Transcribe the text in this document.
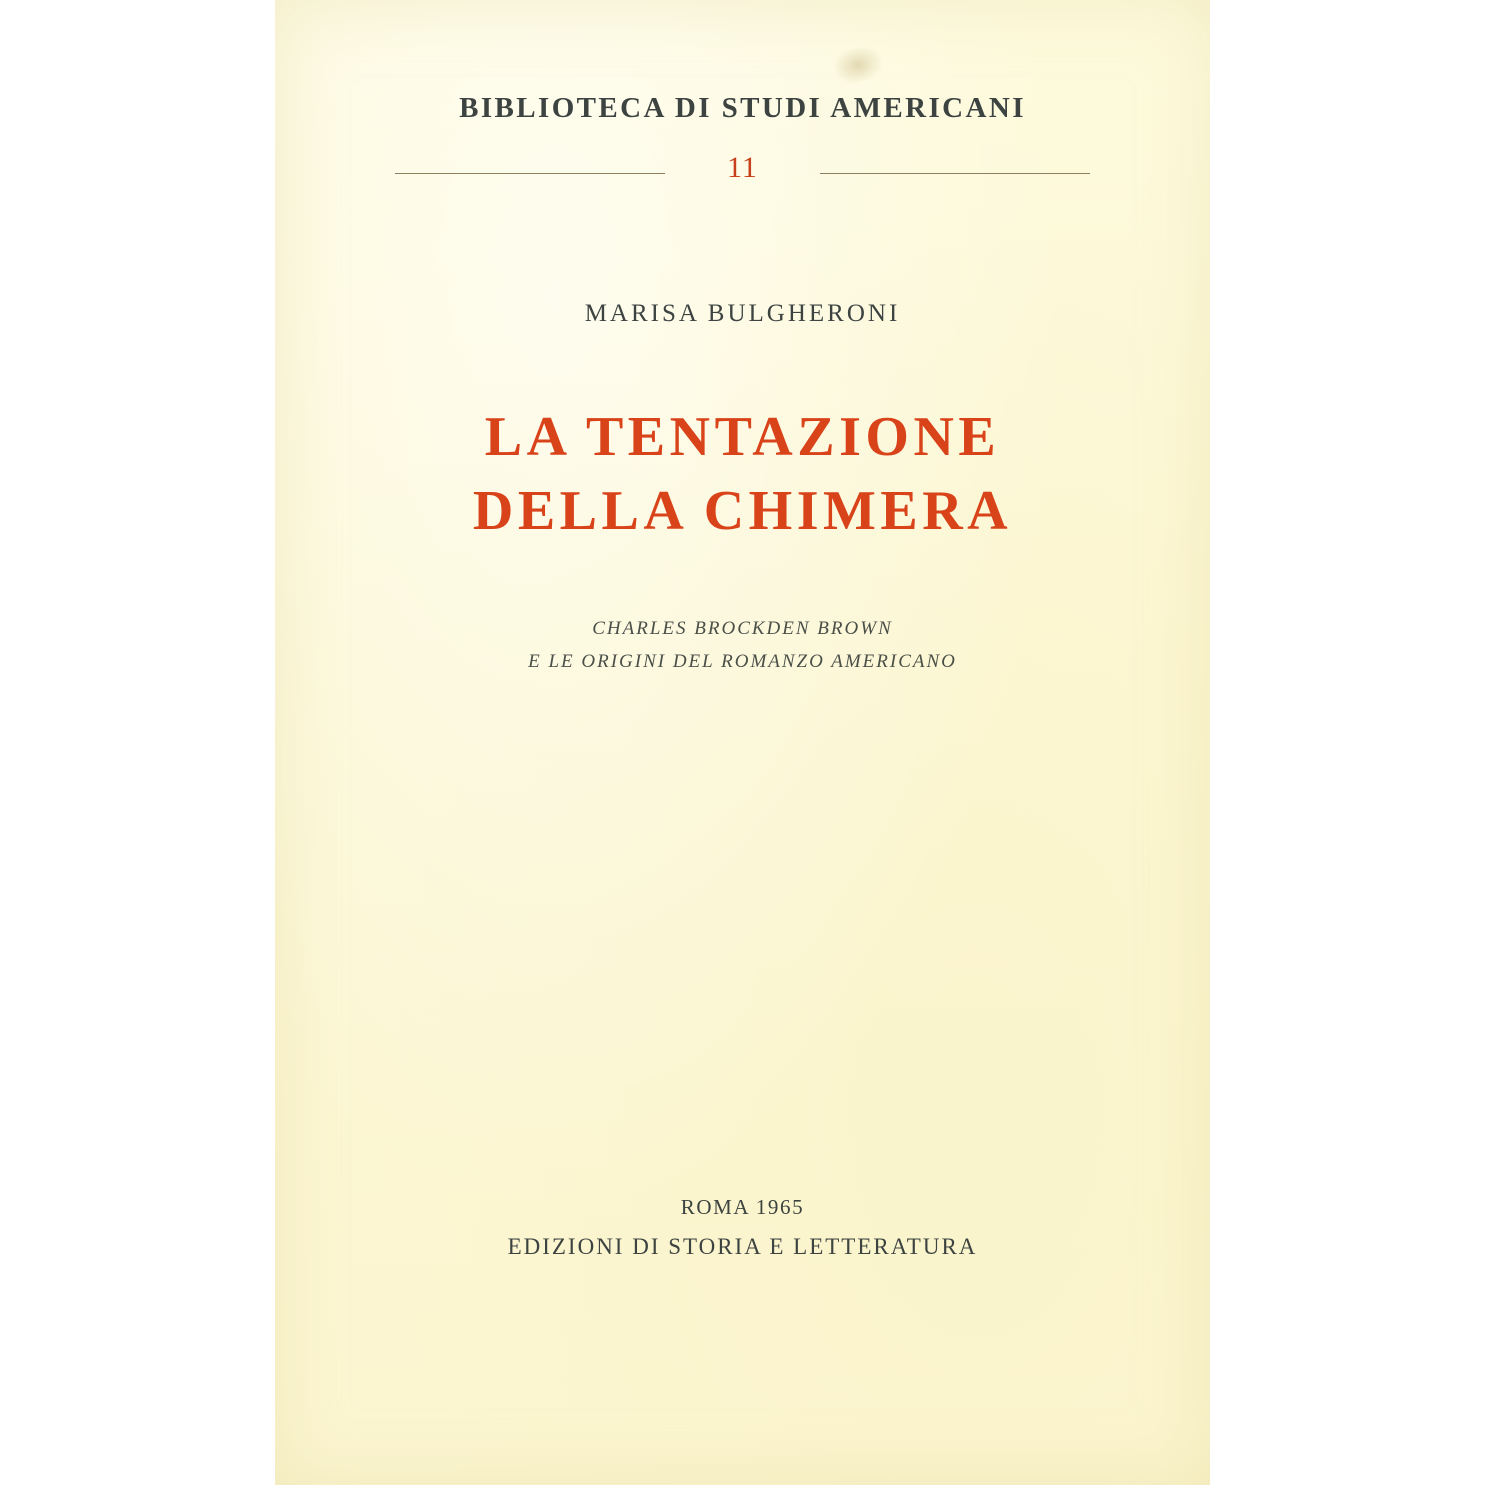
BIBLIOTECA DI STUDI AMERICANI
11
MARISA BULGHERONI
LA TENTAZIONE
DELLA CHIMERA
CHARLES BROCKDEN BROWN
E LE ORIGINI DEL ROMANZO AMERICANO
ROMA 1965
EDIZIONI DI STORIA E LETTERATURA
